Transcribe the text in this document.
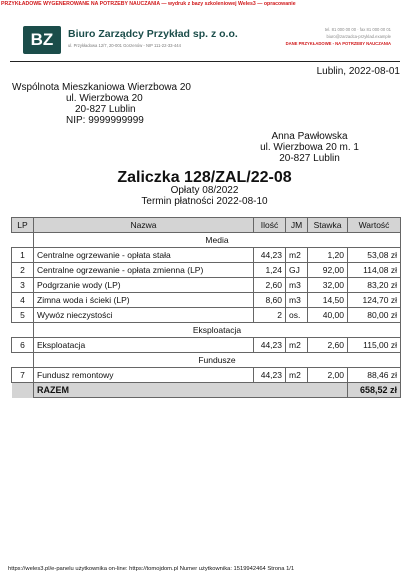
PRZYKŁADOWE WYGENEROWANE NA POTRZEBY NAUCZANIA — wydruk z bazy szkoleniowej Weles3 — opracowanie
BZ	Biuro Zarządcy Przykład sp. z o.o.
ul. Przykładowa 12/7, 20-001 Gorzenów - NIP 111-22-33-444
tel. 81 000 00 00 · fax 81 000 00 01
biuro@zarzadca-przyklad.example
DANE PRZYKŁADOWE - NA POTRZEBY NAUCZANIA
Lublin, 2022-08-01
Wspólnota Mieszkaniowa Wierzbowa 20
ul. Wierzbowa 20
20-827 Lublin
NIP: 9999999999
Anna Pawłowska
ul. Wierzbowa 20 m. 1
20-827 Lublin
Zaliczka 128/ZAL/22-08
Opłaty 08/2022
Termin płatności 2022-08-10
LP	Nazwa	Ilość	JM	Stawka	Wartość
	Media				
1	Centralne ogrzewanie - opłata stała	44,23	m2	1,20	53,08 zł
2	Centralne ogrzewanie - opłata zmienna (LP)	1,24	GJ	92,00	114,08 zł
3	Podgrzanie wody (LP)	2,60	m3	32,00	83,20 zł
4	Zimna woda i ścieki (LP)	8,60	m3	14,50	124,70 zł
5	Wywóz nieczystości	2	os.	40,00	80,00 zł
	Eksploatacja				
6	Eksploatacja	44,23	m2	2,60	115,00 zł
	Fundusze				
7	Fundusz remontowy	44,23	m2	2,00	88,46 zł
	RAZEM				658,52 zł
https://weles3.pl/e-panelu użytkownika on-line: https://tomojdom.pl Numer użytkownika: 1519942464 Strona 1/1
